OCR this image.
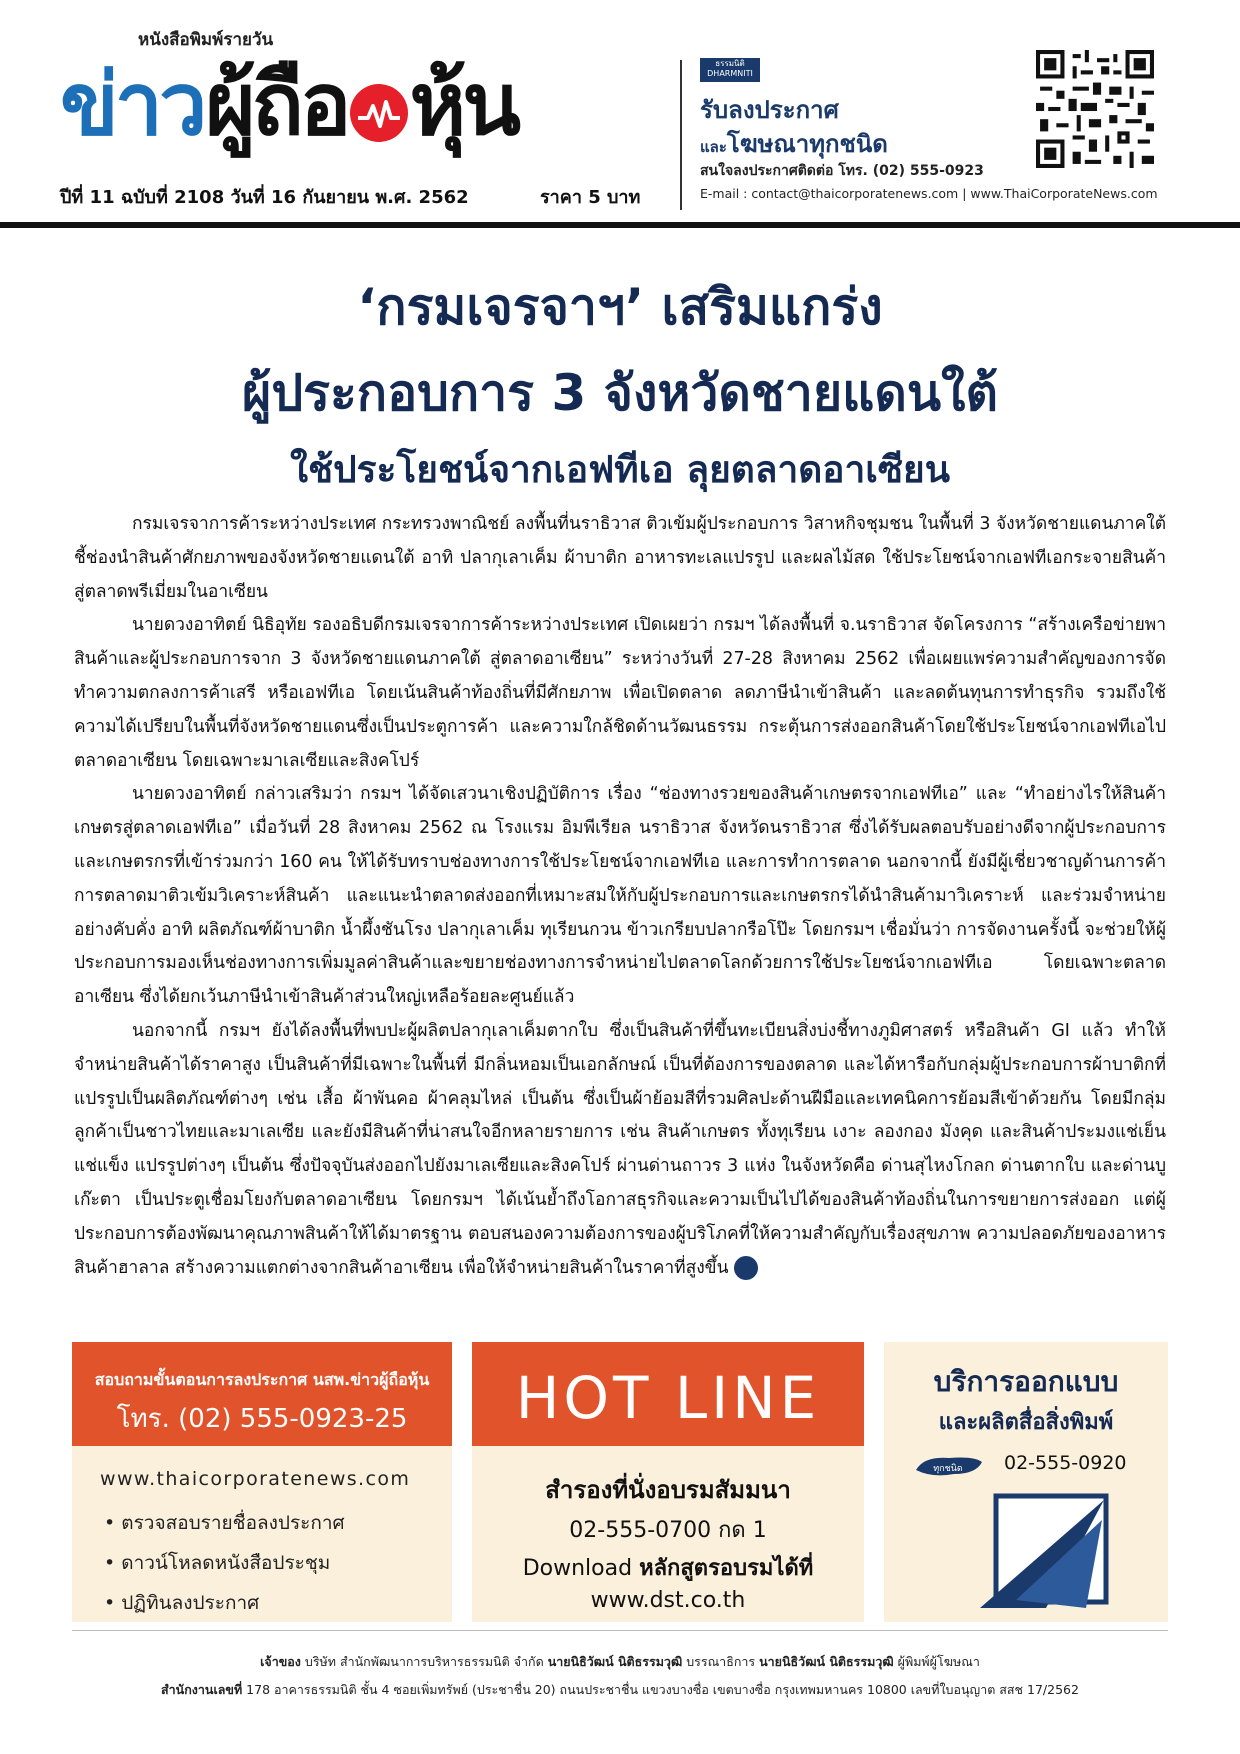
หนังสือพิมพ์รายวัน
ข่าว ผู้ถือ หุ้น
ปีที่ 11 ฉบับที่ 2108 วันที่ 16 กันยายน พ.ศ. 2562	ราคา 5 บาท
ธรรมนิติ DHARMNITI
รับลงประกาศ
และโฆษณาทุกชนิด
สนใจลงประกาศติดต่อ โทร. (02) 555-0923
E-mail : contact@thaicorporatenews.com | www.ThaiCorporateNews.com
‘กรมเจรจาฯ’ เสริมแกร่ง
ผู้ประกอบการ 3 จังหวัดชายแดนใต้
ใช้ประโยชน์จากเอฟทีเอ ลุยตลาดอาเซียน

กรมเจรจาการค้าระหว่างประเทศ กระทรวงพาณิชย์ ลงพื้นที่นราธิวาส ติวเข้มผู้ประกอบการ วิสาหกิจชุมชน ในพื้นที่ 3 จังหวัดชายแดนภาคใต้ ชี้ช่องนำสินค้าศักยภาพของจังหวัดชายแดนใต้ อาทิ ปลากุเลาเค็ม ผ้าบาติก อาหารทะเลแปรรูป และผลไม้สด ใช้ประโยชน์จากเอฟทีเอกระจายสินค้าสู่ตลาดพรีเมี่ยมในอาเซียน

นายดวงอาทิตย์ นิธิอุทัย รองอธิบดีกรมเจรจาการค้าระหว่างประเทศ เปิดเผยว่า กรมฯ ได้ลงพื้นที่ จ.นราธิวาส จัดโครงการ “สร้างเครือข่ายพาสินค้าและผู้ประกอบการจาก 3 จังหวัดชายแดนภาคใต้ สู่ตลาดอาเซียน” ระหว่างวันที่ 27-28 สิงหาคม 2562 เพื่อเผยแพร่ความสำคัญของการจัดทำความตกลงการค้าเสรี หรือเอฟทีเอ โดยเน้นสินค้าท้องถิ่นที่มีศักยภาพ เพื่อเปิดตลาด ลดภาษีนำเข้าสินค้า และลดต้นทุนการทำธุรกิจ รวมถึงใช้ความได้เปรียบในพื้นที่จังหวัดชายแดนซึ่งเป็นประตูการค้า และความใกล้ชิดด้านวัฒนธรรม กระตุ้นการส่งออกสินค้าโดยใช้ประโยชน์จากเอฟทีเอไปตลาดอาเซียน โดยเฉพาะมาเลเซียและสิงคโปร์

นายดวงอาทิตย์ กล่าวเสริมว่า กรมฯ ได้จัดเสวนาเชิงปฏิบัติการ เรื่อง “ช่องทางรวยของสินค้าเกษตรจากเอฟทีเอ” และ “ทำอย่างไรให้สินค้าเกษตรสู่ตลาดเอฟทีเอ” เมื่อวันที่ 28 สิงหาคม 2562 ณ โรงแรม อิมพีเรียล นราธิวาส จังหวัดนราธิวาส ซึ่งได้รับผลตอบรับอย่างดีจากผู้ประกอบการและเกษตรกรที่เข้าร่วมกว่า 160 คน ให้ได้รับทราบช่องทางการใช้ประโยชน์จากเอฟทีเอ และการทำการตลาด นอกจากนี้ ยังมีผู้เชี่ยวชาญด้านการค้าการตลาดมาติวเข้มวิเคราะห์สินค้า และแนะนำตลาดส่งออกที่เหมาะสมให้กับผู้ประกอบการและเกษตรกรได้นำสินค้ามาวิเคราะห์ และร่วมจำหน่ายอย่างคับคั่ง อาทิ ผลิตภัณฑ์ผ้าบาติก น้ำผึ้งชันโรง ปลากุเลาเค็ม ทุเรียนกวน ข้าวเกรียบปลากรือโป๊ะ โดยกรมฯ เชื่อมั่นว่า การจัดงานครั้งนี้ จะช่วยให้ผู้ประกอบการมองเห็นช่องทางการเพิ่มมูลค่าสินค้าและขยายช่องทางการจำหน่ายไปตลาดโลกด้วยการใช้ประโยชน์จากเอฟทีเอ โดยเฉพาะตลาดอาเซียน ซึ่งได้ยกเว้นภาษีนำเข้าสินค้าส่วนใหญ่เหลือร้อยละศูนย์แล้ว

นอกจากนี้ กรมฯ ยังได้ลงพื้นที่พบปะผู้ผลิตปลากุเลาเค็มตากใบ ซึ่งเป็นสินค้าที่ขึ้นทะเบียนสิ่งบ่งชี้ทางภูมิศาสตร์ หรือสินค้า GI แล้ว ทำให้จำหน่ายสินค้าได้ราคาสูง เป็นสินค้าที่มีเฉพาะในพื้นที่ มีกลิ่นหอมเป็นเอกลักษณ์ เป็นที่ต้องการของตลาด และได้หารือกับกลุ่มผู้ประกอบการผ้าบาติกที่แปรรูปเป็นผลิตภัณฑ์ต่างๆ เช่น เสื้อ ผ้าพันคอ ผ้าคลุมไหล่ เป็นต้น ซึ่งเป็นผ้าย้อมสีที่รวมศิลปะด้านฝีมือและเทคนิคการย้อมสีเข้าด้วยกัน โดยมีกลุ่มลูกค้าเป็นชาวไทยและมาเลเซีย และยังมีสินค้าที่น่าสนใจอีกหลายรายการ เช่น สินค้าเกษตร ทั้งทุเรียน เงาะ ลองกอง มังคุด และสินค้าประมงแช่เย็น แช่แข็ง แปรรูปต่างๆ เป็นต้น ซึ่งปัจจุบันส่งออกไปยังมาเลเซียและสิงคโปร์ ผ่านด่านถาวร 3 แห่ง ในจังหวัดคือ ด่านสุไหงโกลก ด่านตากใบ และด่านบูเก๊ะตา เป็นประตูเชื่อมโยงกับตลาดอาเซียน โดยกรมฯ ได้เน้นย้ำถึงโอกาสธุรกิจและความเป็นไปได้ของสินค้าท้องถิ่นในการขยายการส่งออก แต่ผู้ประกอบการต้องพัฒนาคุณภาพสินค้าให้ได้มาตรฐาน ตอบสนองความต้องการของผู้บริโภคที่ให้ความสำคัญกับเรื่องสุขภาพ ความปลอดภัยของอาหาร สินค้าฮาลาล สร้างความแตกต่างจากสินค้าอาเซียน เพื่อให้จำหน่ายสินค้าในราคาที่สูงขึ้น

สอบถามขั้นตอนการลงประกาศ นสพ.ข่าวผู้ถือหุ้น
โทร. (02) 555-0923-25
www.thaicorporatenews.com
• ตรวจสอบรายชื่อลงประกาศ
• ดาวน์โหลดหนังสือประชุม
• ปฏิทินลงประกาศ
HOT LINE
สำรองที่นั่งอบรมสัมมนา
02-555-0700 กด 1
Download หลักสูตรอบรมได้ที่
www.dst.co.th
บริการออกแบบ
และผลิตสื่อสิ่งพิมพ์
ทุกชนิด 02-555-0920
เจ้าของ บริษัท สำนักพัฒนาการบริหารธรรมนิติ จำกัด นายนิธิวัฒน์ นิติธรรมวุฒิ บรรณาธิการ นายนิธิวัฒน์ นิติธรรมวุฒิ ผู้พิมพ์ผู้โฆษณา
สำนักงานเลขที่ 178 อาคารธรรมนิติ ชั้น 4 ซอยเพิ่มทรัพย์ (ประชาชื่น 20) ถนนประชาชื่น แขวงบางซื่อ เขตบางซื่อ กรุงเทพมหานคร 10800 เลขที่ใบอนุญาต สสช 17/2562
